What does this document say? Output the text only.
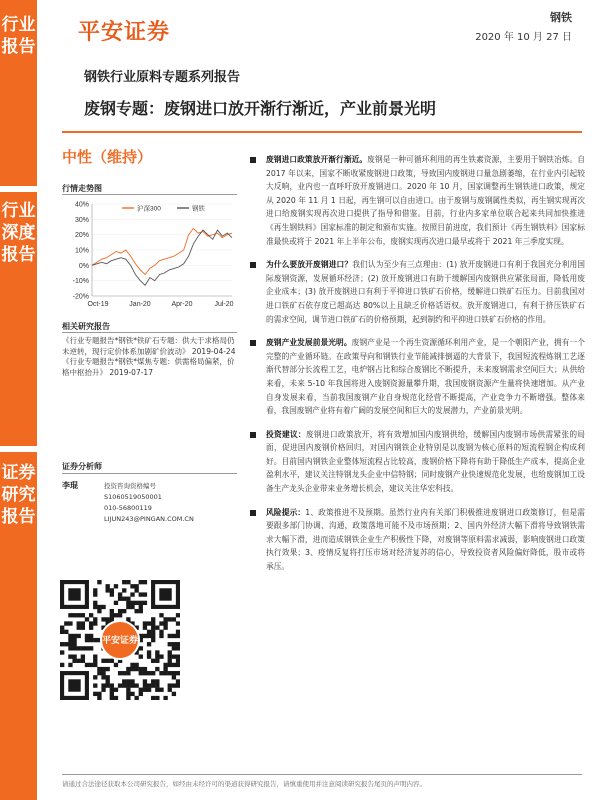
行业报告
行业深度报告
证券研究报告
平安证券
钢铁
2020 年 10 月 27 日
钢铁行业原料专题系列报告
废钢专题：废钢进口放开渐行渐近，产业前景光明
中性（维持）
行情走势图
40%
30%
20%
10%
0%
-10%
-20%
Oct-19	Jan-20	Apr-20	Jul-20
沪深300	钢铁
相关研究报告
《行业专题报告*钢铁*铁矿石专题：供大于求格局仍未逆转，现行定价体系加剧矿价波动》 2019-04-24
《行业专题报告*钢铁*煤焦专题：供需格局偏紧，价格中枢抬升》 2019-07-17
证券分析师
李琨	投资咨询资格编号
S1060519050001
010-56800119
LIJUN243@PINGAN.COM.CN
平安证券
废钢进口政策放开渐行渐近。废钢是一种可循环利用的再生铁素资源，主要用于钢铁冶炼。自 2017 年以来，国家不断收紧废钢进口政策，导致国内废钢进口量急剧萎缩，在行业内引起较大反响，业内也一直呼吁放开废钢进口。2020 年 10 月，国家调整再生钢铁进口政策，规定从 2020 年 11 月 1 日起，再生钢可以自由进口。由于废钢与废钢属性类似，再生钢实现再次进口给废钢实现再次进口提供了指导和借鉴。目前，行业内多家单位联合起来共同加快推进《再生钢铁料》国家标准的制定和颁布实施。按照目前进度，我们预计《再生钢铁料》国家标准最快或将于 2021 年上半年公布，废钢实现再次进口最早或将于 2021 年三季度实现。
为什么要放开废钢进口？我们认为至少有三点理由：(1) 放开废钢进口有利于我国充分利用国际废钢资源，发展循环经济；(2) 放开废钢进口有助于缓解国内废钢供应紧张局面，降低用废企业成本；(3) 放开废钢进口有利于平抑进口铁矿石价格，缓解进口铁矿石压力。目前我国对进口铁矿石依存度已超高达 80%以上且缺乏价格话语权。放开废钢进口，有利于挤压铁矿石的需求空间，调节进口铁矿石的价格预期，起到制约和平抑进口铁矿石价格的作用。
废钢产业发展前景光明。废钢产业是一个再生资源循环利用产业，是一个朝阳产业，拥有一个完整的产业循环链。在政策导向和钢铁行业节能减排倒逼的大背景下，我国短流程炼钢工艺逐渐代替部分长流程工艺，电炉钢占比和综合废钢比不断提升，未来废钢需求空间巨大；从供给来看，未来 5-10 年我国将进入废钢资源量攀升期，我国废钢资源产生量将快速增加。从产业自身发展来看，当前我国废钢产业自身规范化经营不断提高，产业竞争力不断增强。整体来看，我国废钢产业将有着广阔的发展空间和巨大的发展潜力，产业前景光明。
投资建议：废钢进口政策放开，将有效增加国内废钢供给，缓解国内废钢市场供需紧张的局面，促进国内废钢价格回归，对国内钢铁企业特别是以废钢为核心原料的短流程钢企构成利好。目前国内钢铁企业整体短流程占比较高，废钢价格下降将有助于降低生产成本，提高企业盈利水平，建议关注特钢龙头企业中信特钢；同时废钢产业快速规范化发展，也给废钢加工设备生产龙头企业带来业务增长机会，建议关注华宏科技。
风险提示：1、政策推进不及预期。虽然行业内有关部门积极推进废钢进口政策修订，但是需要跟多部门协调、沟通，政策落地可能不及市场预期；2、国内外经济大幅下滑将导致钢铁需求大幅下滑，进而造成钢铁企业生产积极性下降，对废钢等原料需求减弱，影响废钢进口政策执行效果；3、疫情反复将打压市场对经济复苏的信心，导致投资者风险偏好降低，股市或将承压。
请通过合法途径获取本公司研究报告，如经由未经许可的渠道获得研究报告，请慎重使用并注意阅读研究报告尾页的声明内容。
